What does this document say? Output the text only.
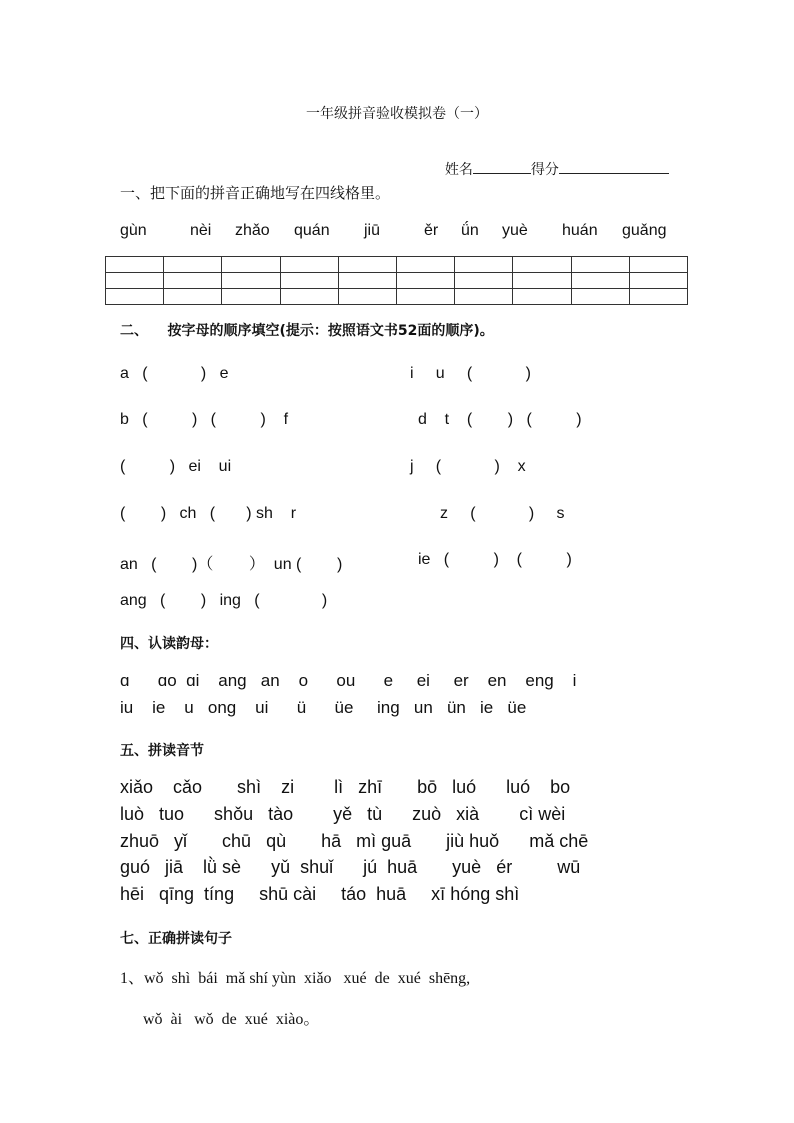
一年级拼音验收模拟卷（一）

姓名	得分

一、把下面的拼音正确地写在四线格里。
gùn	nèi zhǎo quán jiū	ěr ǘn yuè huán guǎng

二、    按字母的顺序填空(提示：按照语文书52面的顺序)。
a   (            )   e	i     u     (            )
b   (          )   (          )    f	d    t    (        )   (          )
(          )   ei    ui	j     (            )    x
(        )   ch   (       ) sh    r	z     (            )     s
an   (        )（        ）  un (        )	ie   (          )    (          )
ang   (        )   ing   (              )
四、认读韵母：
ɑ      ɑo  ɑi    ang   an    o      ou      e     ei     er    en    eng    i
iu    ie    u   ong    ui      ü      üe     ing   un   ün   ie   üe
五、拼读音节
xiǎo    cǎo       shì    zi        lì   zhī       bō   luó      luó    bo
luò   tuo      shǒu   tào        yě   tù      zuò   xià        cì wèi
zhuō   yǐ       chū   qù       hā   mì ɡuā       jiù huǒ      mǎ chē
ɡuó   jiā    lǜ sè      yǔ  shuǐ      jú  huā       yuè   ér         wū
hēi   qīng  tíng     shū cài     táo  huā     xī hóng shì
七、正确拼读句子
1、wǒ  shì  bái  mǎ shí yùn  xiǎo   xué  de  xué  shēng,
wǒ  ài   wǒ  de  xué  xiào。
